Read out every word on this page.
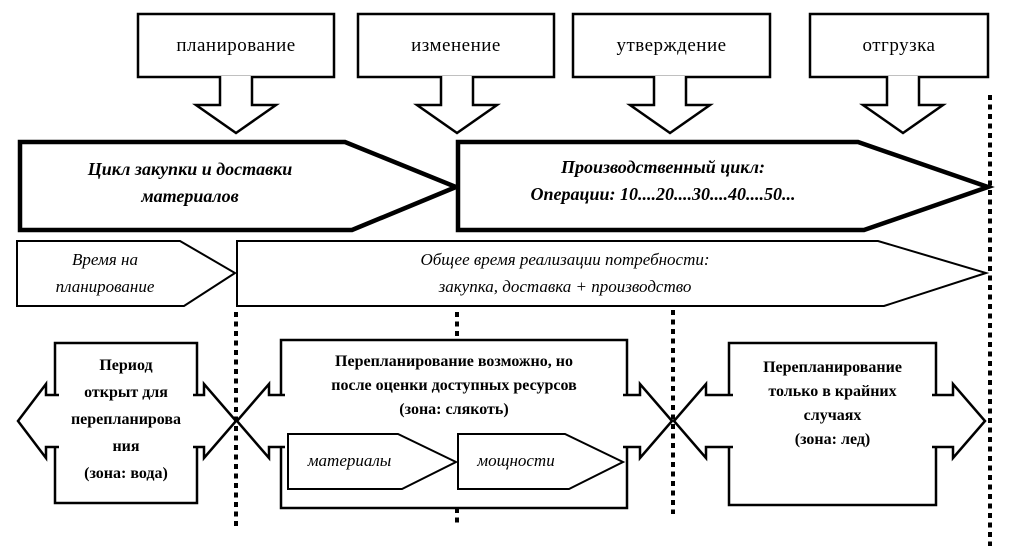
планирование	изменение	утверждение	отгрузка
Цикл закупки и доставки
материалов
Производственный цикл:
Операции: 10....20....30....40....50...
Время на
планирование
Общее время реализации потребности:
закупка, доставка + производство
Период
открыт для
перепланирова
ния
(зона: вода)
Перепланирование возможно, но
после оценки доступных ресурсов
(зона: слякоть)
Перепланирование
только в крайних
случаях
(зона: лед)
материалы	мощности
